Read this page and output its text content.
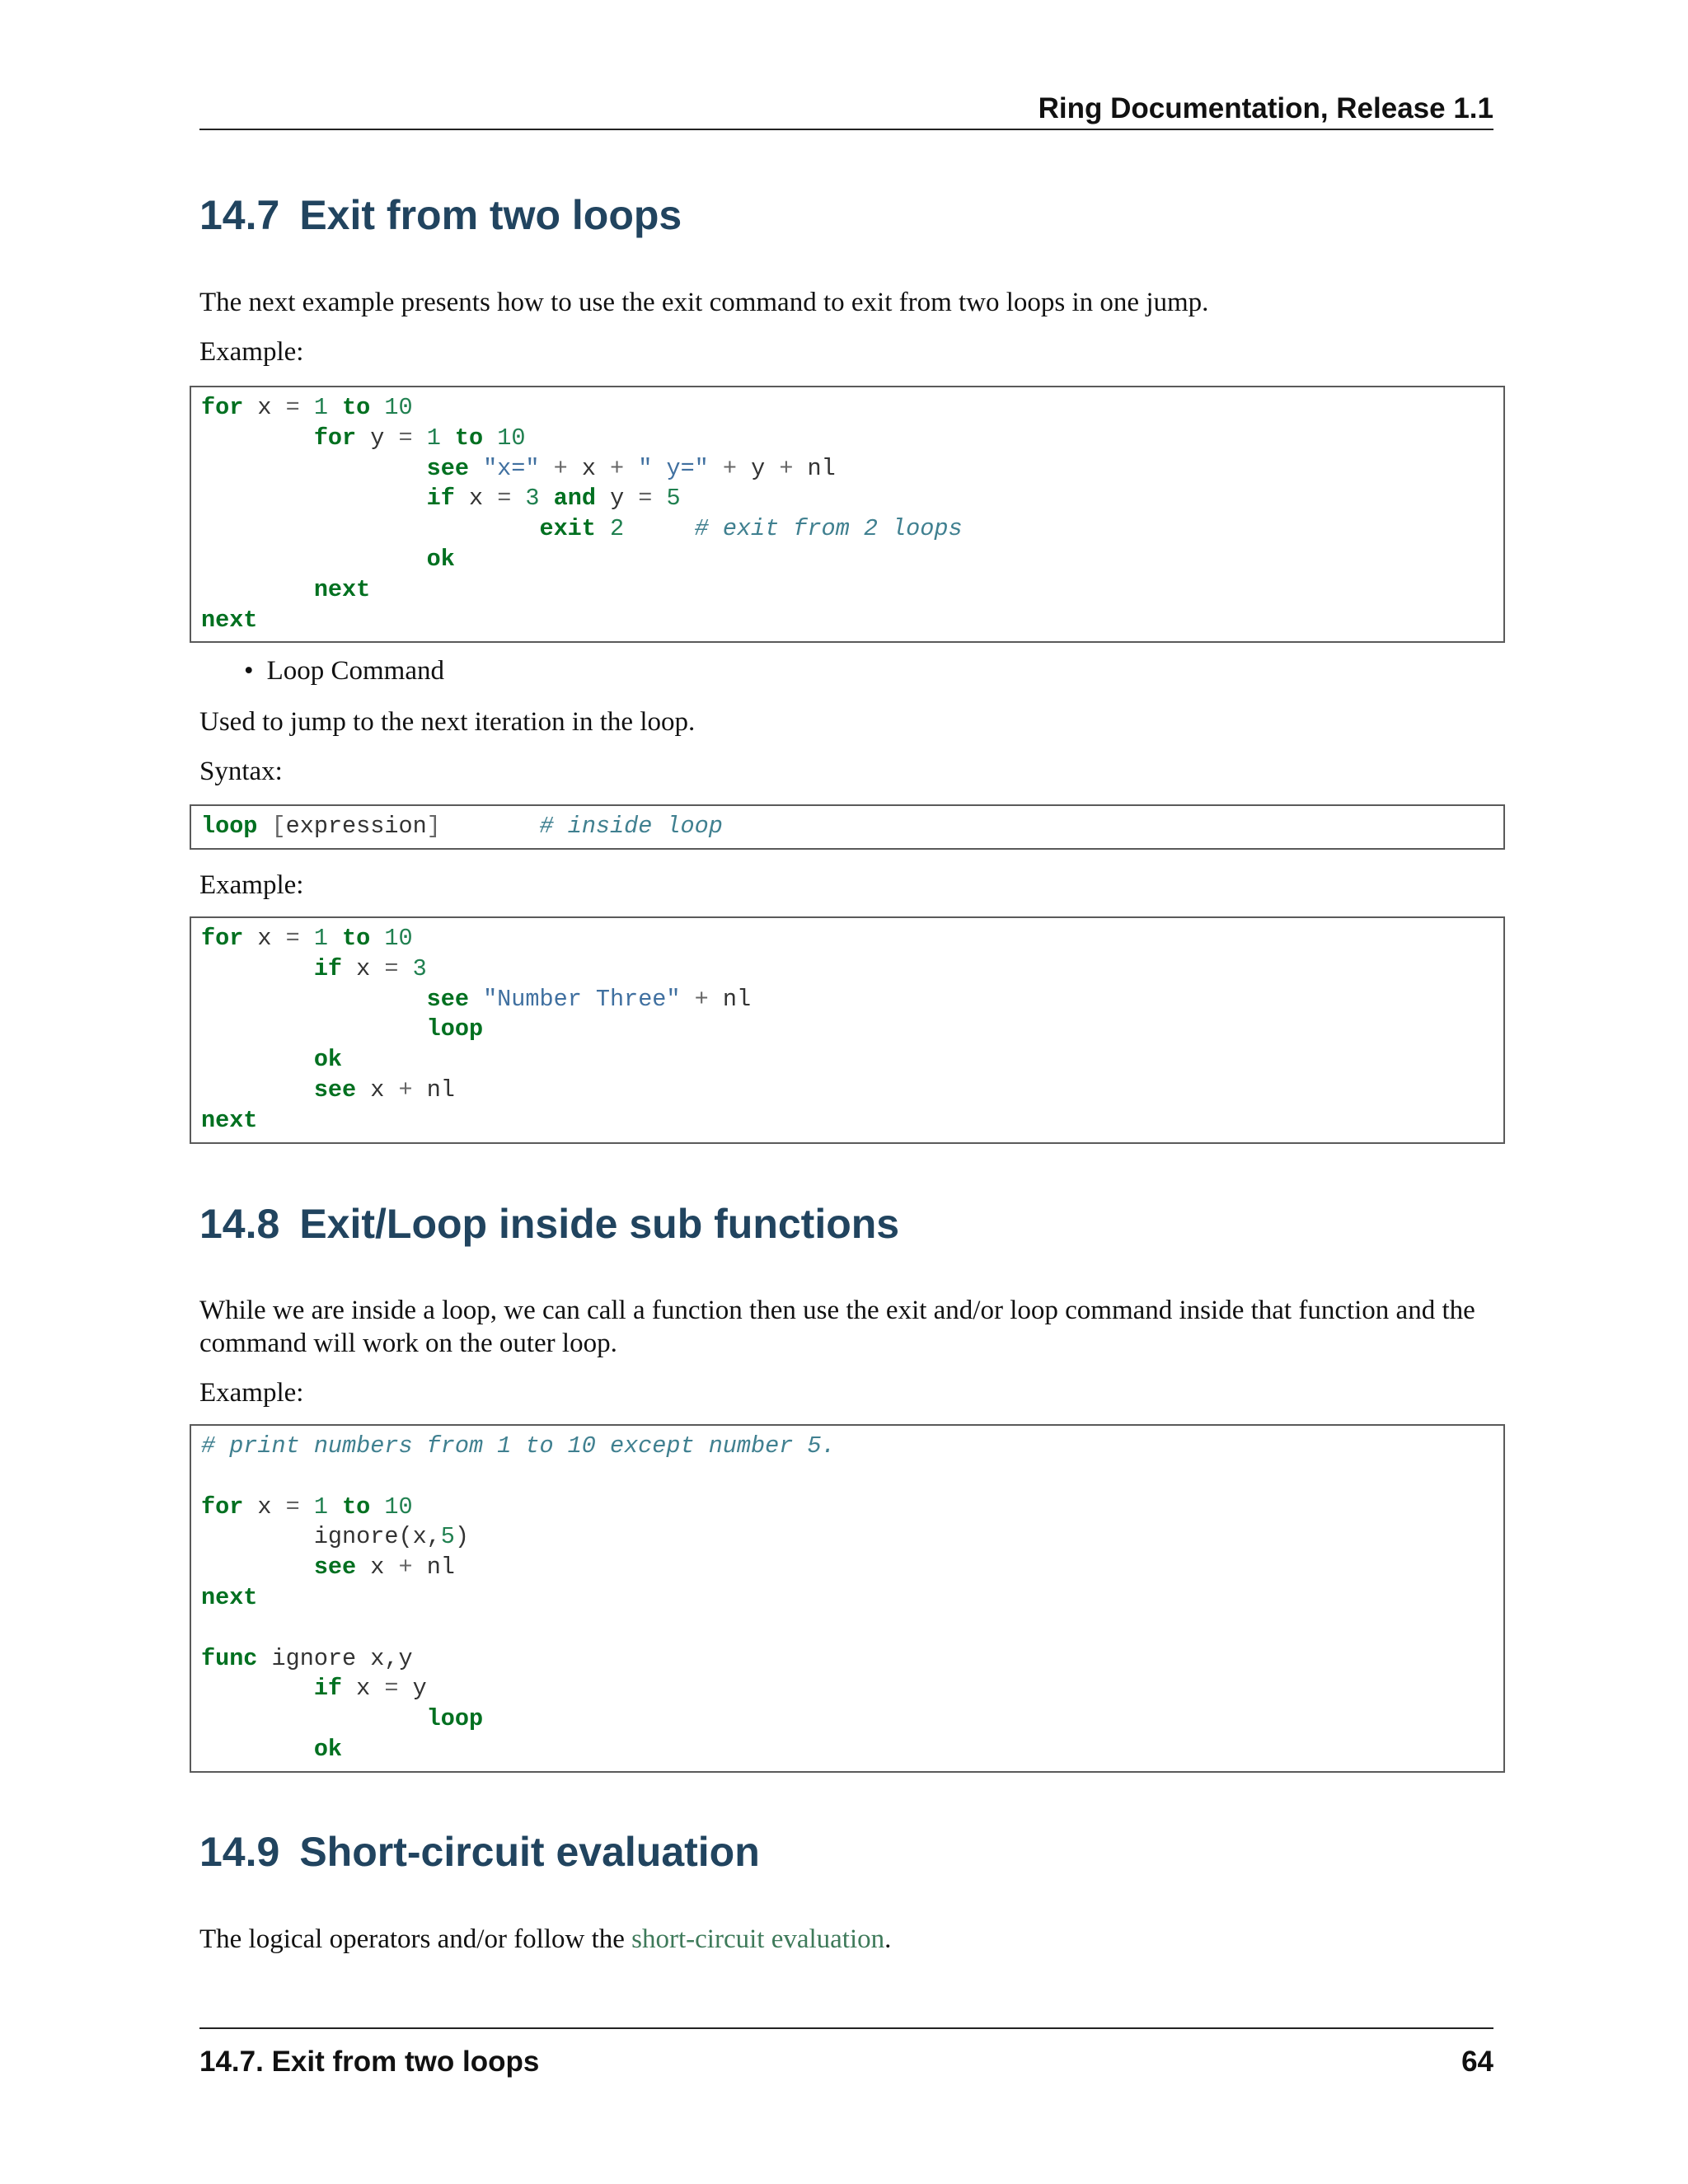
Ring Documentation, Release 1.1
14.7 Exit from two loops

The next example presents how to use the exit command to exit from two loops in one jump.

Example:

for x = 1 to 10
for y = 1 to 10
see "x=" + x + " y=" + y + nl
if x = 3 and y = 5
exit 2	# exit from 2 loops
ok
next
next
• Loop Command

Used to jump to the next iteration in the loop.

Syntax:

loop [expression]	# inside loop

Example:

for x = 1 to 10
if x = 3
see "Number Three" + nl
loop
ok
see x + nl
next
14.8 Exit/Loop inside sub functions

While we are inside a loop, we can call a function then use the exit and/or loop command inside that function and the command will work on the outer loop.

Example:

# print numbers from 1 to 10 except number 5.

for x = 1 to 10
ignore(x,5)
see x + nl
next

func ignore x,y
if x = y
loop
ok
14.9 Short-circuit evaluation

The logical operators and/or follow the short-circuit evaluation.

14.7. Exit from two loops	64
